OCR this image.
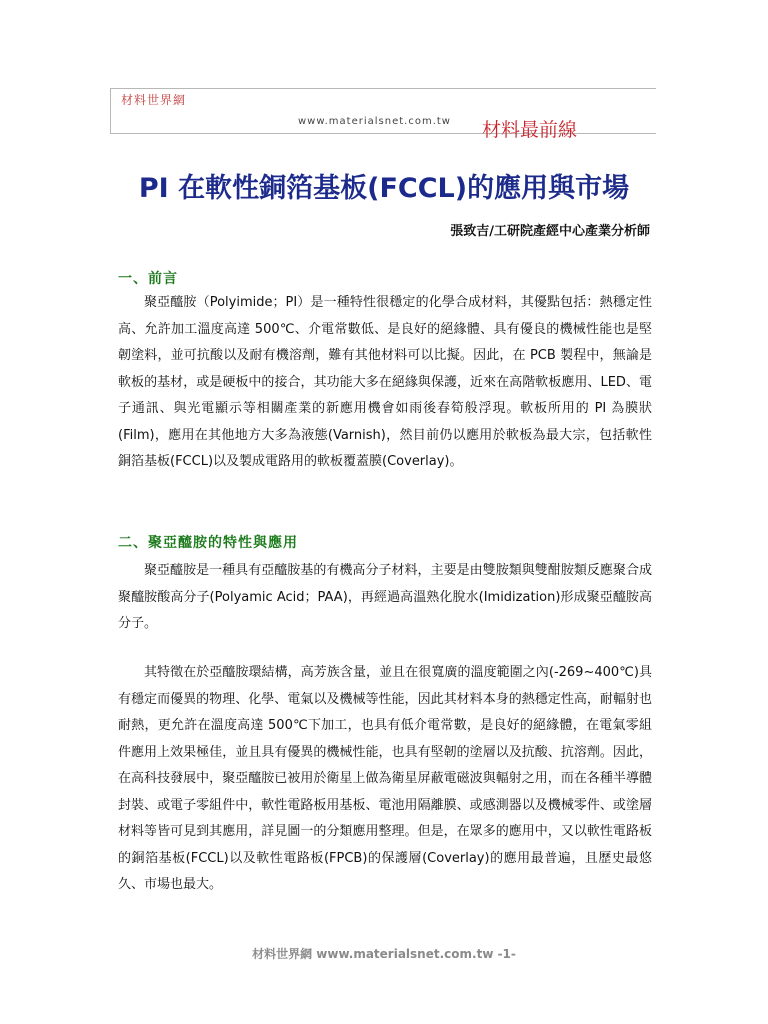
材料世界網
www.materialsnet.com.tw 材料最前線
PI 在軟性銅箔基板(FCCL)的應用與市場
張致吉/工研院產經中心產業分析師
一、前言

聚亞醯胺（Polyimide；PI）是一種特性很穩定的化學合成材料，其優點包括：熱穩定性高、允許加工溫度高達 500℃、介電常數低、是良好的絕緣體、具有優良的機械性能也是堅韌塗料，並可抗酸以及耐有機溶劑，難有其他材料可以比擬。因此，在 PCB 製程中，無論是軟板的基材，或是硬板中的接合，其功能大多在絕緣與保護，近來在高階軟板應用、LED、電子通訊、與光電顯示等相關產業的新應用機會如雨後春筍般浮現。軟板所用的 PI 為膜狀(Film)，應用在其他地方大多為液態(Varnish)，然目前仍以應用於軟板為最大宗，包括軟性銅箔基板(FCCL)以及製成電路用的軟板覆蓋膜(Coverlay)。

二、聚亞醯胺的特性與應用

聚亞醯胺是一種具有亞醯胺基的有機高分子材料，主要是由雙胺類與雙酣胺類反應聚合成聚醯胺酸高分子(Polyamic Acid；PAA)，再經過高溫熟化脫水(Imidization)形成聚亞醯胺高分子。

其特徵在於亞醯胺環結構，高芳族含量，並且在很寬廣的溫度範圍之內(-269~400℃)具有穩定而優異的物理、化學、電氣以及機械等性能，因此其材料本身的熱穩定性高，耐輻射也耐熱，更允許在溫度高達 500℃下加工，也具有低介電常數，是良好的絕緣體，在電氣零組件應用上效果極佳，並且具有優異的機械性能，也具有堅韌的塗層以及抗酸、抗溶劑。因此，在高科技發展中，聚亞醯胺已被用於衛星上做為衛星屏蔽電磁波與輻射之用，而在各種半導體封裝、或電子零組件中，軟性電路板用基板、電池用隔離膜、或感測器以及機械零件、或塗層材料等皆可見到其應用，詳見圖一的分類應用整理。但是，在眾多的應用中，又以軟性電路板的銅箔基板(FCCL)以及軟性電路板(FPCB)的保護層(Coverlay)的應用最普遍，且歷史最悠久、市場也最大。

材料世界網 www.materialsnet.com.tw -1-
